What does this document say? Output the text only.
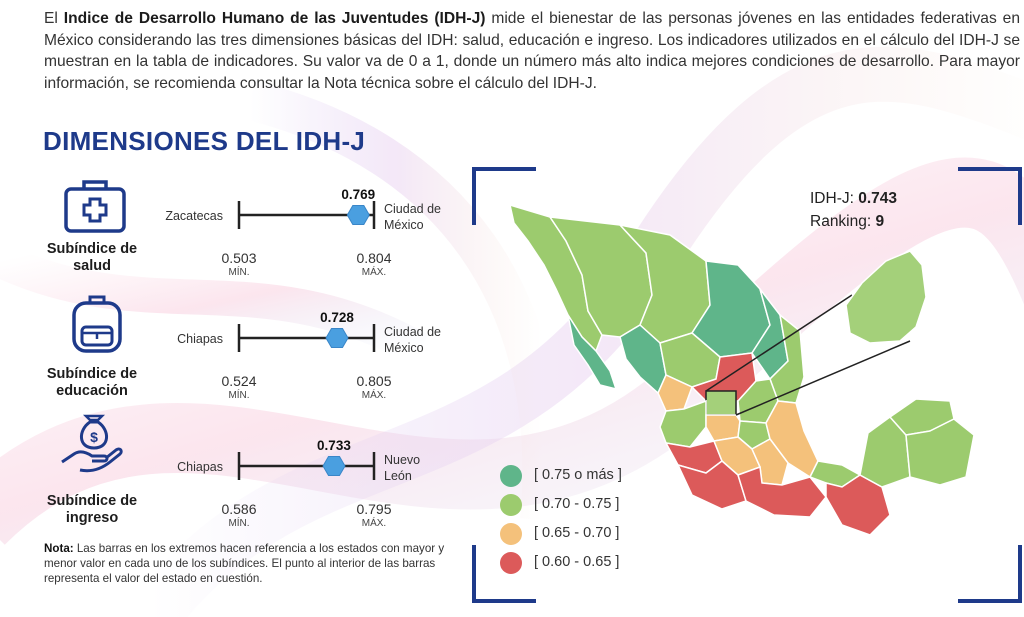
El Indice de Desarrollo Humano de las Juventudes (IDH-J) mide el bienestar de las personas jóvenes en las entidades federativas en México considerando las tres dimensiones básicas del IDH: salud, educación e ingreso. Los indicadores utilizados en el cálculo del IDH-J se muestran en la tabla de indicadores. Su valor va de 0 a 1, donde un número más alto indica mejores condiciones de desarrollo. Para mayor información, se recomienda consultar la Nota técnica sobre el cálculo del IDH-J.
DIMENSIONES DEL IDH-J
$
Subíndice de
salud
Subíndice de
educación
Subíndice de
ingreso
0.769
Zacatecas	Ciudad de
México
0.503	0.804
MÍN.	MÁX.
0.728
Chiapas	Ciudad de
México
0.524	0.805
MÍN.	MÁX.
0.733
Chiapas	Nuevo
León
0.586	0.795
MÍN.	MÁX.
Nota: Las barras en los extremos hacen referencia a los estados con mayor y menor valor en cada uno de los subíndices. El punto al interior de las barras representa el valor del estado en cuestión.
IDH-J: 0.743
Ranking: 9
[ 0.75 o más ]
[ 0.70 - 0.75 ]
[ 0.65 - 0.70 ]
[ 0.60 - 0.65 ]
